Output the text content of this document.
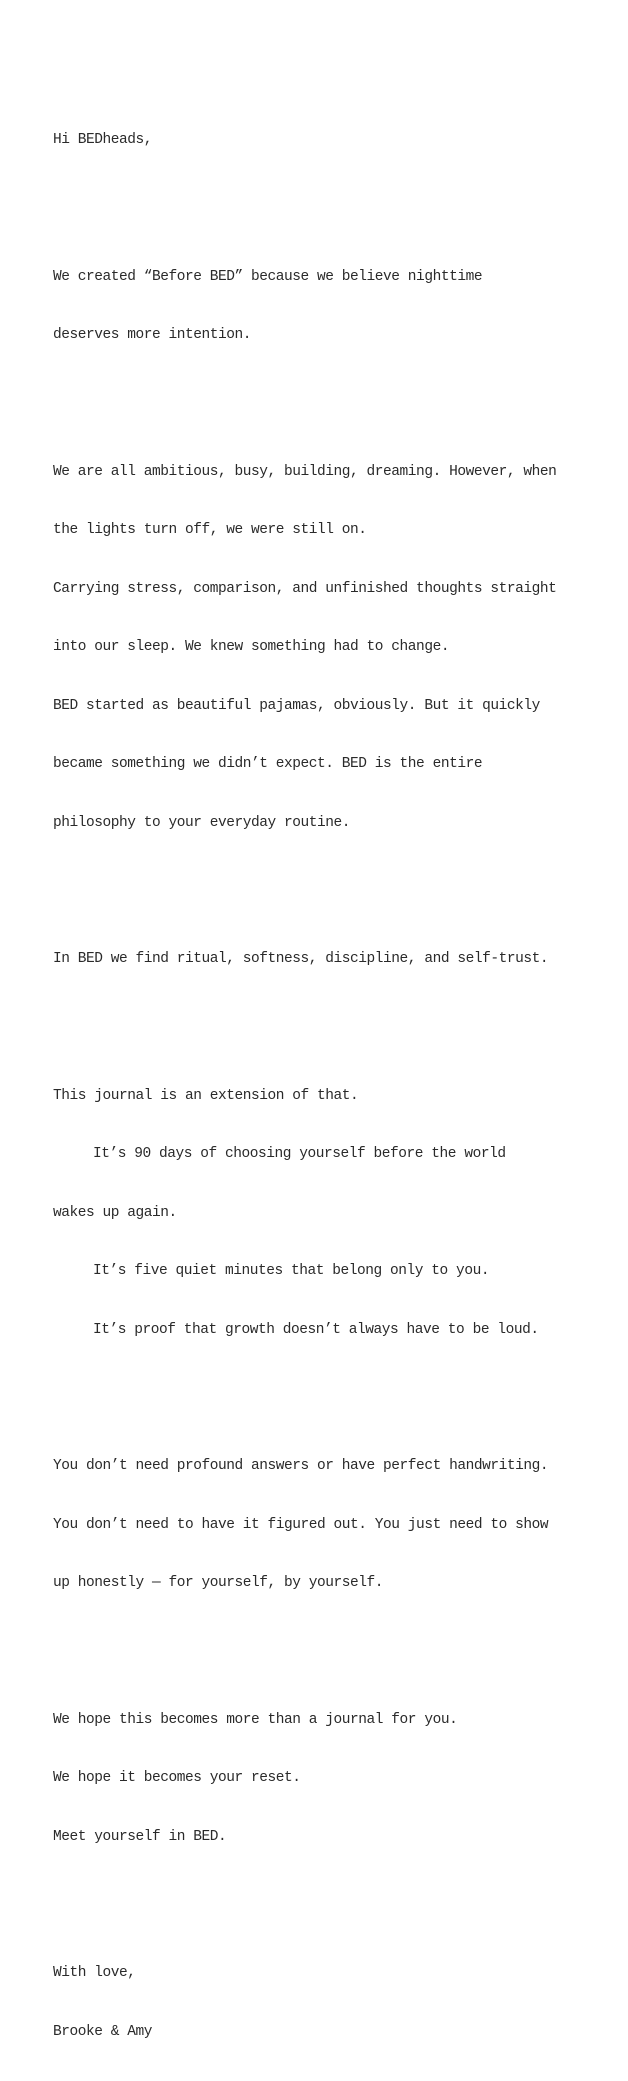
Hi BEDheads,

We created “Before BED” because we believe nighttime

deserves more intention.

We are all ambitious, busy, building, dreaming. However, when

the lights turn off, we were still on.

Carrying stress, comparison, and unfinished thoughts straight

into our sleep. We knew something had to change.

BED started as beautiful pajamas, obviously. But it quickly

became something we didn’t expect. BED is the entire

philosophy to your everyday routine.

In BED we find ritual, softness, discipline, and self-trust.

This journal is an extension of that.

It’s 90 days of choosing yourself before the world

wakes up again.

It’s five quiet minutes that belong only to you.

It’s proof that growth doesn’t always have to be loud.

You don’t need profound answers or have perfect handwriting.

You don’t need to have it figured out. You just need to show

up honestly — for yourself, by yourself.

We hope this becomes more than a journal for you.

We hope it becomes your reset.

Meet yourself in BED.

With love,

Brooke & Amy
